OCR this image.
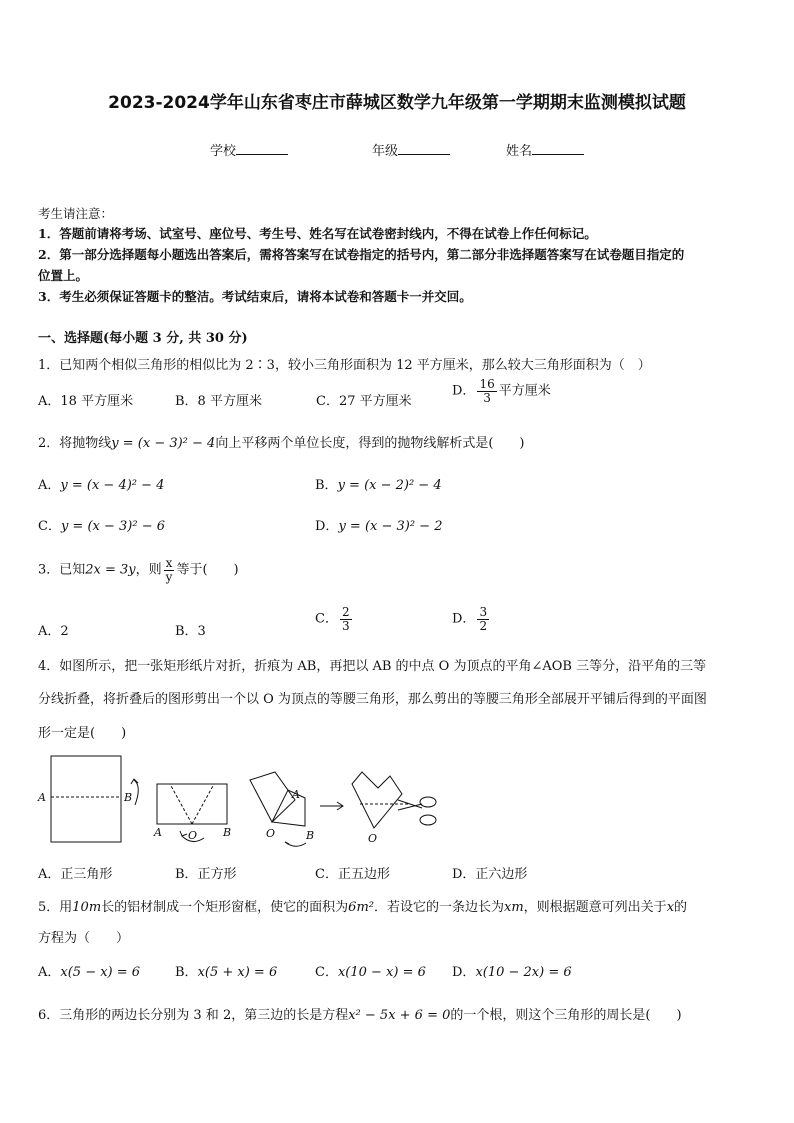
2023-2024学年山东省枣庄市薛城区数学九年级第一学期期末监测模拟试题
学校	年级	姓名
考生请注意：
1．答题前请将考场、试室号、座位号、考生号、姓名写在试卷密封线内，不得在试卷上作任何标记。
2．第一部分选择题每小题选出答案后，需将答案写在试卷指定的括号内，第二部分非选择题答案写在试卷题目指定的
位置上。
3．考生必须保证答题卡的整洁。考试结束后，请将本试卷和答题卡一并交回。
一、选择题(每小题 3 分, 共 30 分)
1．已知两个相似三角形的相似比为 2∶3，较小三角形面积为 12 平方厘米，那么较大三角形面积为（　）
A．18 平方厘米	B．8 平方厘米	C．27 平方厘米
D． $\frac{16}{3}$ 平方厘米
2．将抛物线y = (x − 3)² − 4向上平移两个单位长度，得到的抛物线解析式是(　　)
A．y = (x − 4)² − 4	B．y = (x − 2)² − 4
C．y = (x − 3)² − 6	D．y = (x − 3)² − 2
3．已知2x = 3y，则 $\frac{x}{y}$ 等于(　　)
A．2	B．3
C． $\frac{2}{3}$	D． $\frac{3}{2}$
4．如图所示，把一张矩形纸片对折，折痕为 AB，再把以 AB 的中点 O 为顶点的平角∠AOB 三等分，沿平角的三等
分线折叠，将折叠后的图形剪出一个以 O 为顶点的等腰三角形，那么剪出的等腰三角形全部展开平铺后得到的平面图
形一定是(　　)
A	B
A O B
A
O	B	O
A．正三角形	B．正方形	C．正五边形	D．正六边形
5．用10m长的铝材制成一个矩形窗框，使它的面积为6m²．若设它的一条边长为xm，则根据题意可列出关于x的
方程为（　　）
A．x(5 − x) = 6	B．x(5 + x) = 6	C．x(10 − x) = 6 D．x(10 − 2x) = 6
6．三角形的两边长分别为 3 和 2，第三边的长是方程x² − 5x + 6 = 0的一个根，则这个三角形的周长是(　　)
